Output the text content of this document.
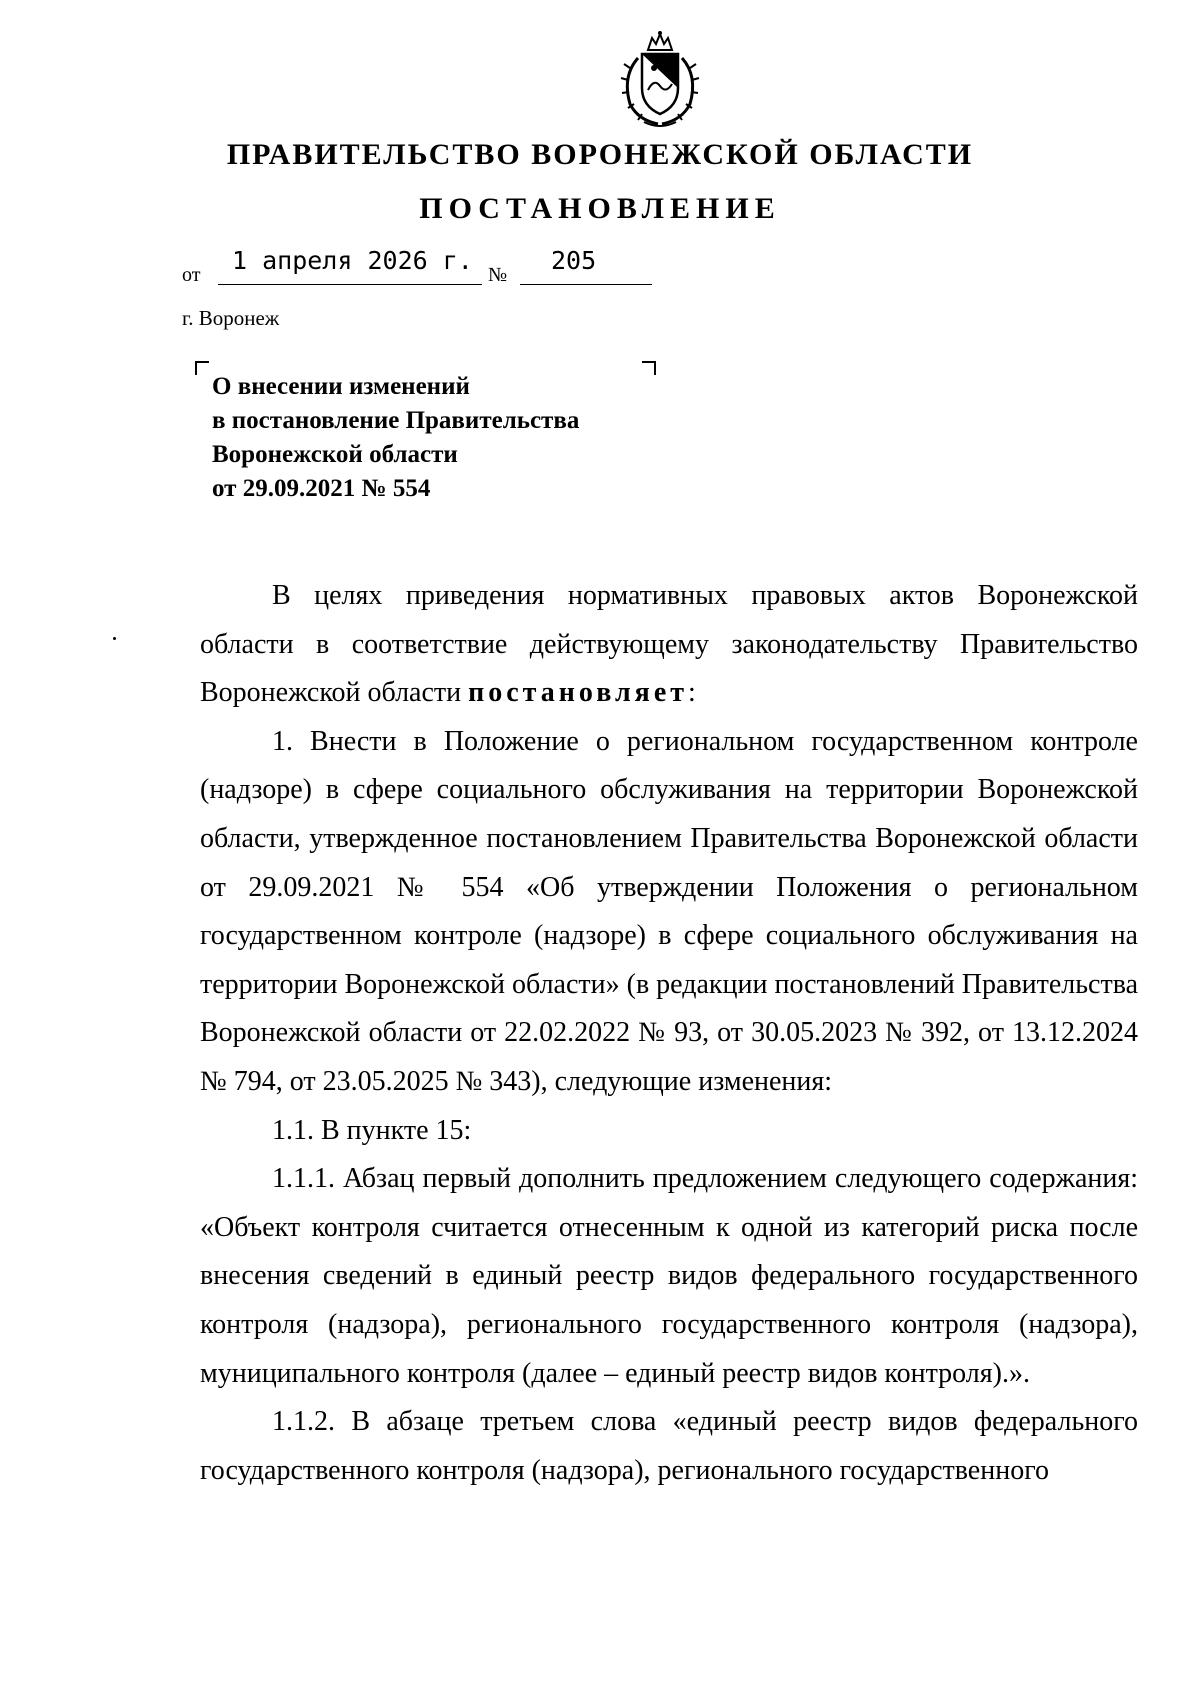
ПРАВИТЕЛЬСТВО ВОРОНЕЖСКОЙ ОБЛАСТИ
ПОСТАНОВЛЕНИЕ
от 1 апреля 2026 г. № 205
г. Воронеж
О внесении изменений
в постановление Правительства
Воронежской области
от 29.09.2021 № 554

В целях приведения нормативных правовых актов Воронежской области в соответствие действующему законодательству Правительство Воронежской области постановляет:

1. Внести в Положение о региональном государственном контроле (надзоре) в сфере социального обслуживания на территории Воронежской области, утвержденное постановлением Правительства Воронежской области от 29.09.2021 № 554 «Об утверждении Положения о региональном государственном контроле (надзоре) в сфере социального обслуживания на территории Воронежской области» (в редакции постановлений Правительства Воронежской области от 22.02.2022 № 93, от 30.05.2023 № 392, от 13.12.2024 № 794, от 23.05.2025 № 343), следующие изменения:

1.1. В пункте 15:

1.1.1. Абзац первый дополнить предложением следующего содержания: «Объект контроля считается отнесенным к одной из категорий риска после внесения сведений в единый реестр видов федерального государственного контроля (надзора), регионального государственного контроля (надзора), муниципального контроля (далее – единый реестр видов контроля).».

1.1.2. В абзаце третьем слова «единый реестр видов федерального государственного контроля (надзора), регионального государственного
